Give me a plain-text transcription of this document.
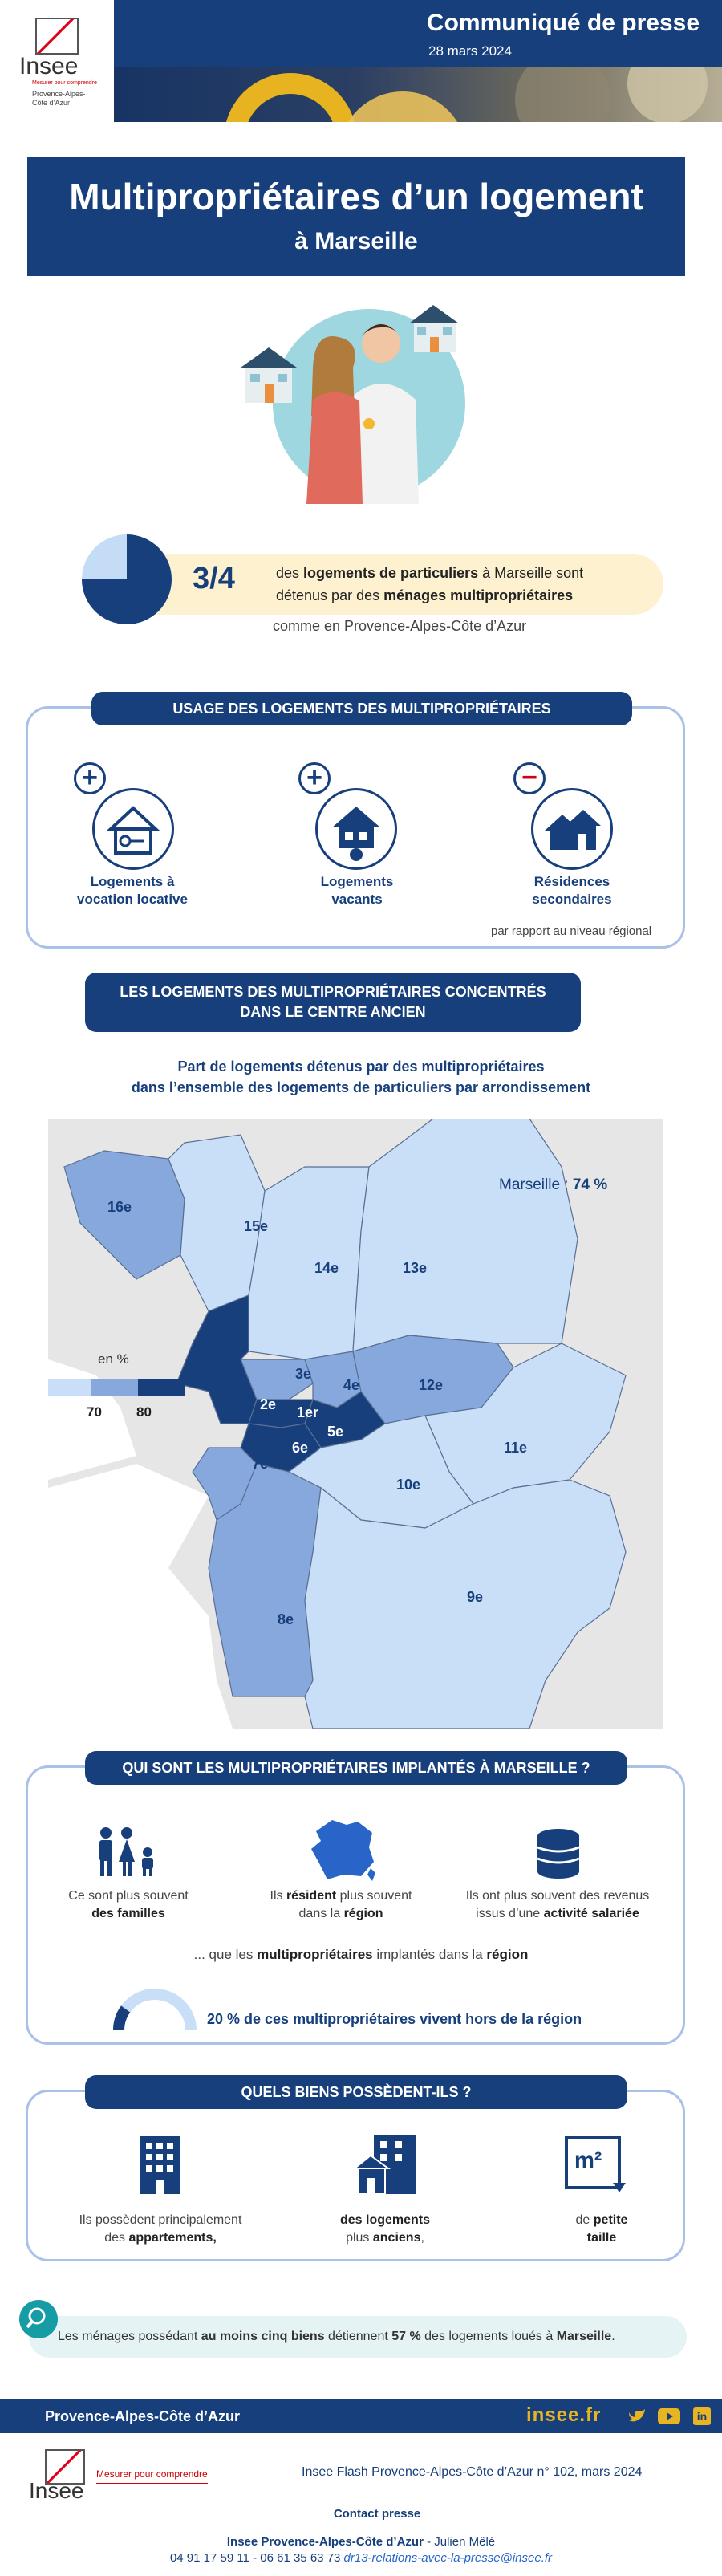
Insee
Mesurer pour comprendre
Provence-Alpes-Côte d’Azur
Communiqué de presse
28 mars 2024
Multipropriétaires d’un logement
à Marseille
3/4	des logements de particuliers à Marseille sont
détenus par des ménages multipropriétaires
comme en Provence-Alpes-Côte d’Azur
USAGE DES LOGEMENTS DES MULTIPROPRIÉTAIRES
+
Logements à
vocation locative
+
Logements
vacants
−
Résidences
secondaires
par rapport au niveau régional
LES LOGEMENTS DES MULTIPROPRIÉTAIRES CONCENTRÉS
DANS LE CENTRE ANCIEN
Part de logements détenus par des multipropriétaires
dans l’ensemble des logements de particuliers par arrondissement
16e
15e
14e	13e
3e
2e
4e	12e
1er
5e
6e
7e
11e
10e
8e
9e
Marseille : 74 %
en %
70	80
QUI SONT LES MULTIPROPRIÉTAIRES IMPLANTÉS À MARSEILLE ?
Ce sont plus souvent
des familles
Ils résident plus souvent
dans la région
Ils ont plus souvent des revenus
issus d’une activité salariée
... que les multipropriétaires implantés dans la région
20 % de ces multipropriétaires vivent hors de la région
QUELS BIENS POSSÈDENT-ILS ?
Ils possèdent principalement
des appartements,
des logements
plus anciens,
m²
de petite
taille
Les ménages possédant au moins cinq biens détiennent 57 % des logements loués à Marseille.
Provence-Alpes-Côte d’Azur	insee.fr	in
Insee
Mesurer pour comprendre	Insee Flash Provence-Alpes-Côte d’Azur n° 102, mars 2024
Contact presse
Insee Provence-Alpes-Côte d’Azur - Julien Mêlé
04 91 17 59 11 - 06 61 35 63 73 dr13-relations-avec-la-presse@insee.fr
